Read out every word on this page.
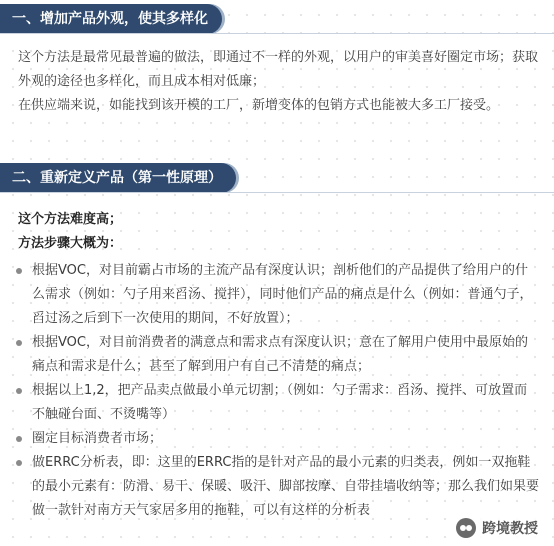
一、增加产品外观，使其多样化
这个方法是最常见最普遍的做法，即通过不一样的外观，以用户的审美喜好圈定市场；获取外观的途径也多样化，而且成本相对低廉；
在供应端来说，如能找到该开模的工厂，新增变体的包销方式也能被大多工厂接受。
二、重新定义产品（第一性原理）
这个方法难度高；
方法步骤大概为：
根据VOC，对目前霸占市场的主流产品有深度认识；剖析他们的产品提供了给用户的什么需求（例如：勺子用来舀汤、搅拌），同时他们产品的痛点是什么（例如：普通勺子，舀过汤之后到下一次使用的期间，不好放置）；
根据VOC，对目前消费者的满意点和需求点有深度认识；意在了解用户使用中最原始的痛点和需求是什么；甚至了解到用户有自己不清楚的痛点；
根据以上1,2，把产品卖点做最小单元切割；（例如：勺子需求：舀汤、搅拌、可放置而不触碰台面、不烫嘴等）
圈定目标消费者市场；
做ERRC分析表，即：这里的ERRC指的是针对产品的最小元素的归类表，例如一双拖鞋的最小元素有：防滑、易干、保暖、吸汗、脚部按摩、自带挂墙收纳等；那么我们如果要做一款针对南方天气家居多用的拖鞋，可以有这样的分析表
跨境教授
